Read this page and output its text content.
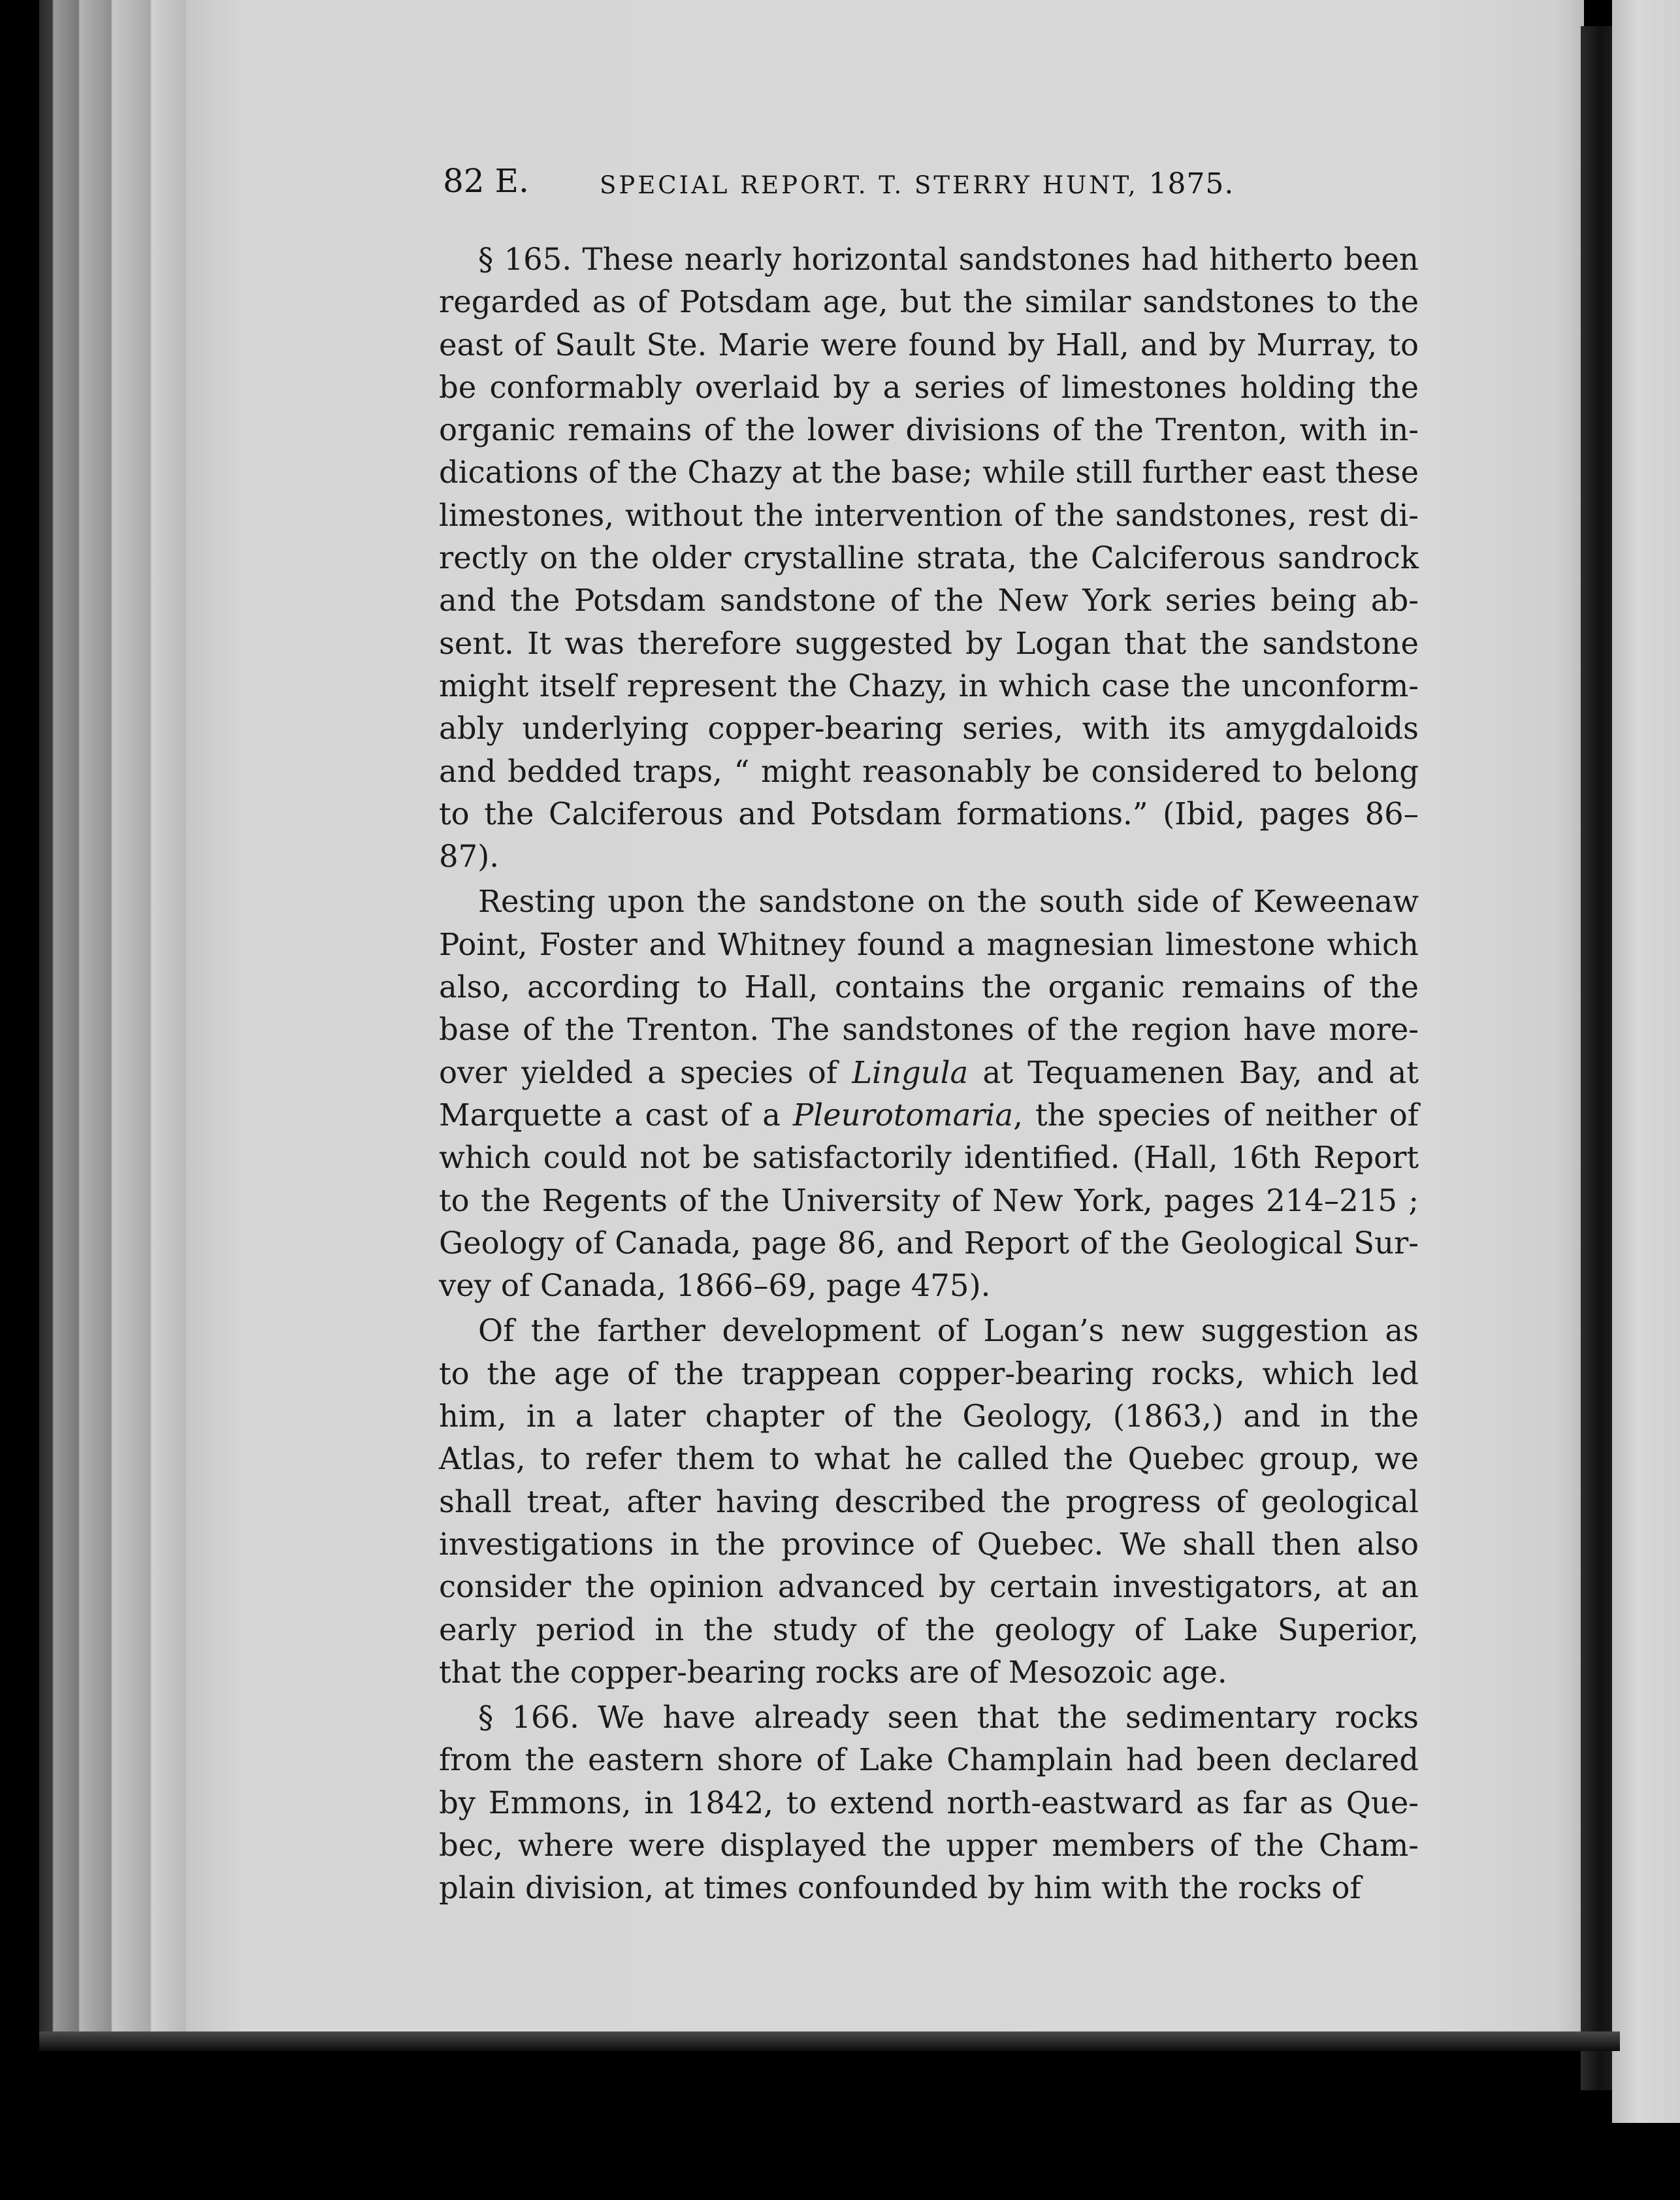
82 E.	SPECIAL REPORT. T. STERRY HUNT, 1875.
§ 165. These nearly horizontal sandstones had hitherto been
regarded as of Potsdam age, but the similar sandstones to the
east of Sault Ste. Marie were found by Hall, and by Murray, to
be conformably overlaid by a series of limestones holding the
organic remains of the lower divisions of the Trenton, with in-
dications of the Chazy at the base; while still further east these
limestones, without the intervention of the sandstones, rest di-
rectly on the older crystalline strata, the Calciferous sandrock
and the Potsdam sandstone of the New York series being ab-
sent. It was therefore suggested by Logan that the sandstone
might itself represent the Chazy, in which case the unconform-
ably underlying copper-bearing series, with its amygdaloids
and bedded traps, “ might reasonably be considered to belong
to the Calciferous and Potsdam formations.” (Ibid, pages 86–
87).
Resting upon the sandstone on the south side of Keweenaw
Point, Foster and Whitney found a magnesian limestone which
also, according to Hall, contains the organic remains of the
base of the Trenton. The sandstones of the region have more-
over yielded a species of Lingula at Tequamenen Bay, and at
Marquette a cast of a Pleurotomaria, the species of neither of
which could not be satisfactorily identified. (Hall, 16th Report
to the Regents of the University of New York, pages 214–215 ;
Geology of Canada, page 86, and Report of the Geological Sur-
vey of Canada, 1866–69, page 475).
Of the farther development of Logan’s new suggestion as
to the age of the trappean copper-bearing rocks, which led
him, in a later chapter of the Geology, (1863,) and in the
Atlas, to refer them to what he called the Quebec group, we
shall treat, after having described the progress of geological
investigations in the province of Quebec. We shall then also
consider the opinion advanced by certain investigators, at an
early period in the study of the geology of Lake Superior,
that the copper-bearing rocks are of Mesozoic age.
§ 166. We have already seen that the sedimentary rocks
from the eastern shore of Lake Champlain had been declared
by Emmons, in 1842, to extend north-eastward as far as Que-
bec, where were displayed the upper members of the Cham-
plain division, at times confounded by him with the rocks of
